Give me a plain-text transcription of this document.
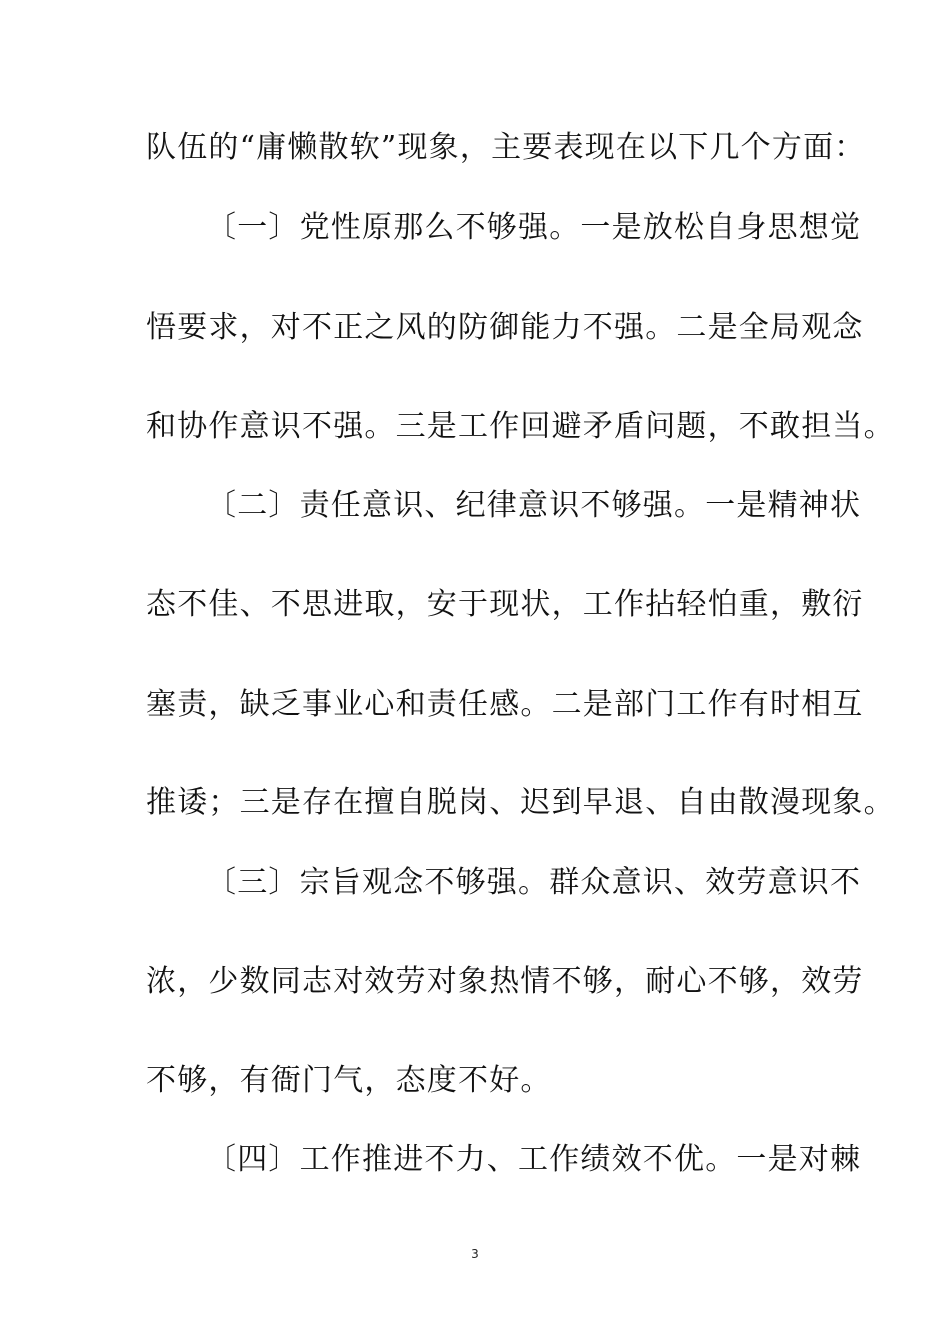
队伍的“庸懒散软”现象，主要表现在以下几个方面：
〔一〕党性原那么不够强。一是放松自身思想觉
悟要求，对不正之风的防御能力不强。二是全局观念
和协作意识不强。三是工作回避矛盾问题，不敢担当。
〔二〕责任意识、纪律意识不够强。一是精神状
态不佳、不思进取，安于现状，工作拈轻怕重，敷衍
塞责，缺乏事业心和责任感。二是部门工作有时相互
推诿；三是存在擅自脱岗、迟到早退、自由散漫现象。
〔三〕宗旨观念不够强。群众意识、效劳意识不
浓，少数同志对效劳对象热情不够，耐心不够，效劳
不够，有衙门气，态度不好。
〔四〕工作推进不力、工作绩效不优。一是对棘
3
